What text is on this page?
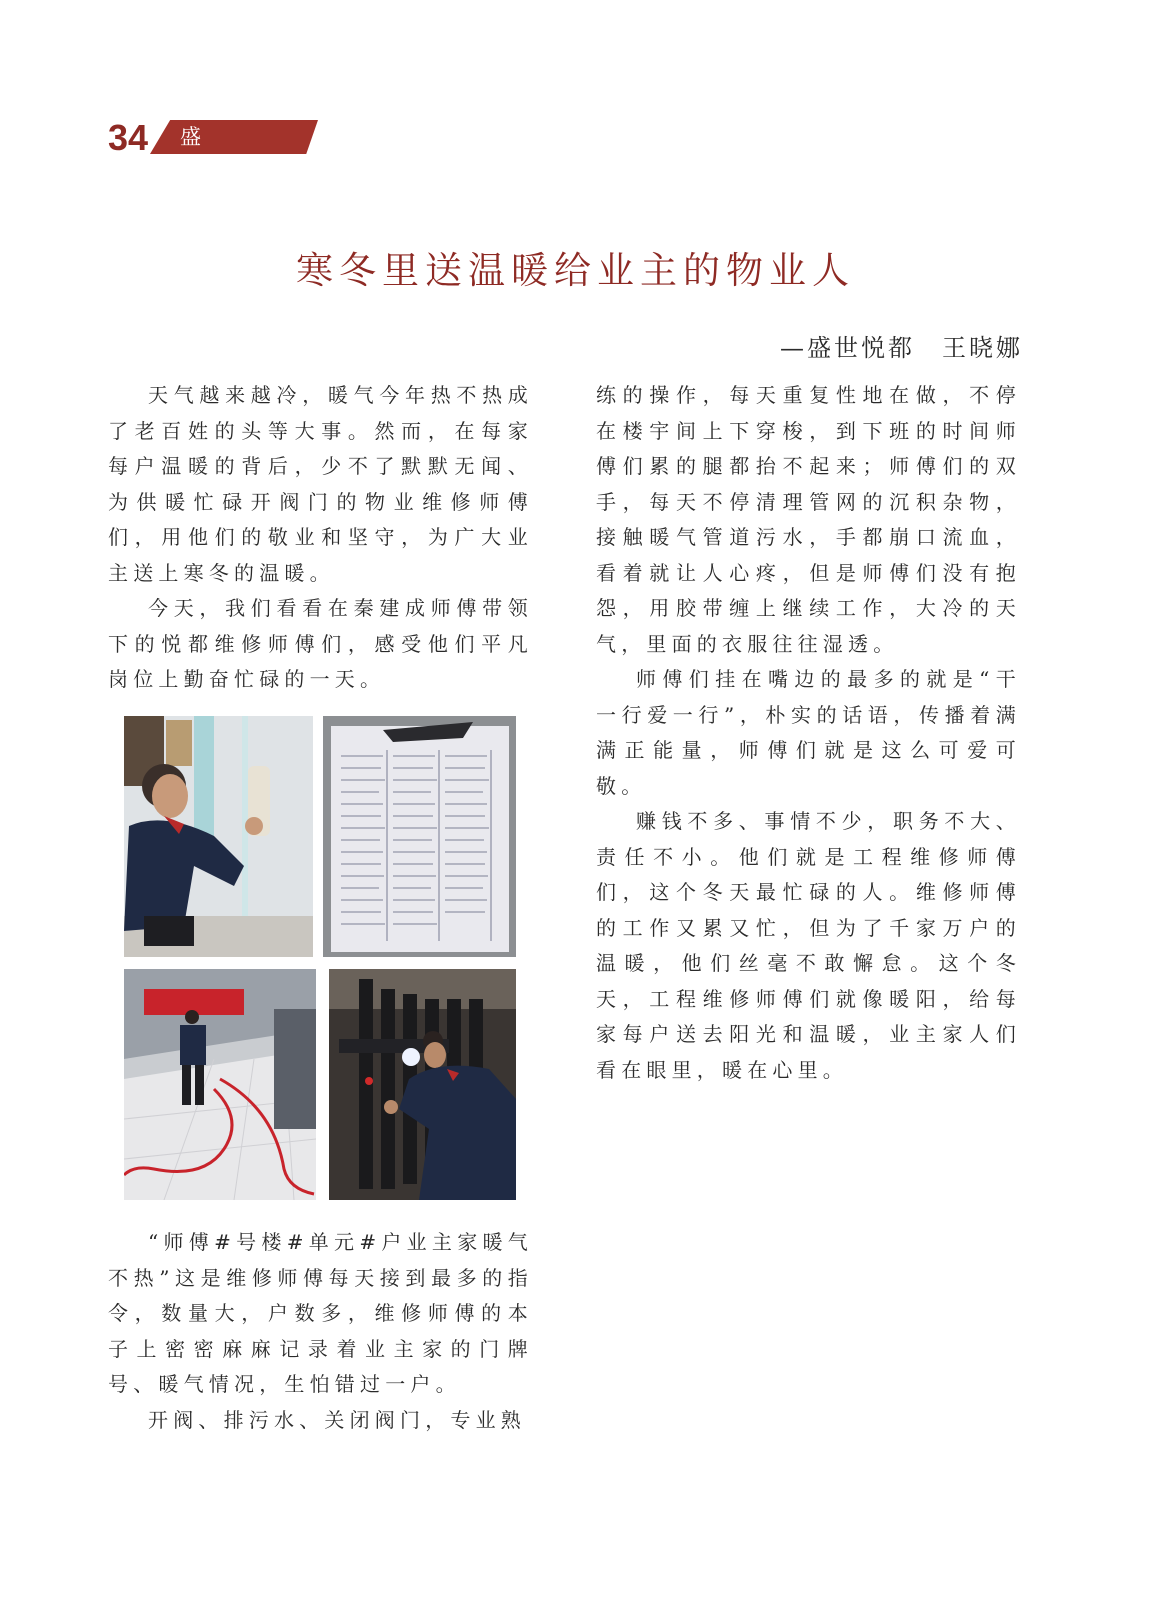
34 盛世物业
寒冬里送温暖给业主的物业人
—盛世悦都　王晓娜

天气越来越冷，暖气今年热不热成了老百姓的头等大事。然而，在每家每户温暖的背后，少不了默默无闻、为供暖忙碌开阀门的物业维修师傅们，用他们的敬业和坚守，为广大业主送上寒冬的温暖。

今天，我们看看在秦建成师傅带领下的悦都维修师傅们，感受他们平凡岗位上勤奋忙碌的一天。

“师傅#号楼#单元#户业主家暖气不热”这是维修师傅每天接到最多的指令，数量大，户数多，维修师傅的本子上密密麻麻记录着业主家的门牌号、暖气情况，生怕错过一户。

开阀、排污水、关闭阀门，专业熟

练的操作，每天重复性地在做，不停在楼宇间上下穿梭，到下班的时间师傅们累的腿都抬不起来；师傅们的双手，每天不停清理管网的沉积杂物，接触暖气管道污水，手都崩口流血，看着就让人心疼，但是师傅们没有抱怨，用胶带缠上继续工作，大冷的天气，里面的衣服往往湿透。

师傅们挂在嘴边的最多的就是“干一行爱一行”，朴实的话语，传播着满满正能量，师傅们就是这么可爱可敬。

赚钱不多、事情不少，职务不大、责任不小。他们就是工程维修师傅们，这个冬天最忙碌的人。维修师傅的工作又累又忙，但为了千家万户的温暖，他们丝毫不敢懈怠。这个冬天，工程维修师傅们就像暖阳，给每家每户送去阳光和温暖，业主家人们看在眼里，暖在心里。
